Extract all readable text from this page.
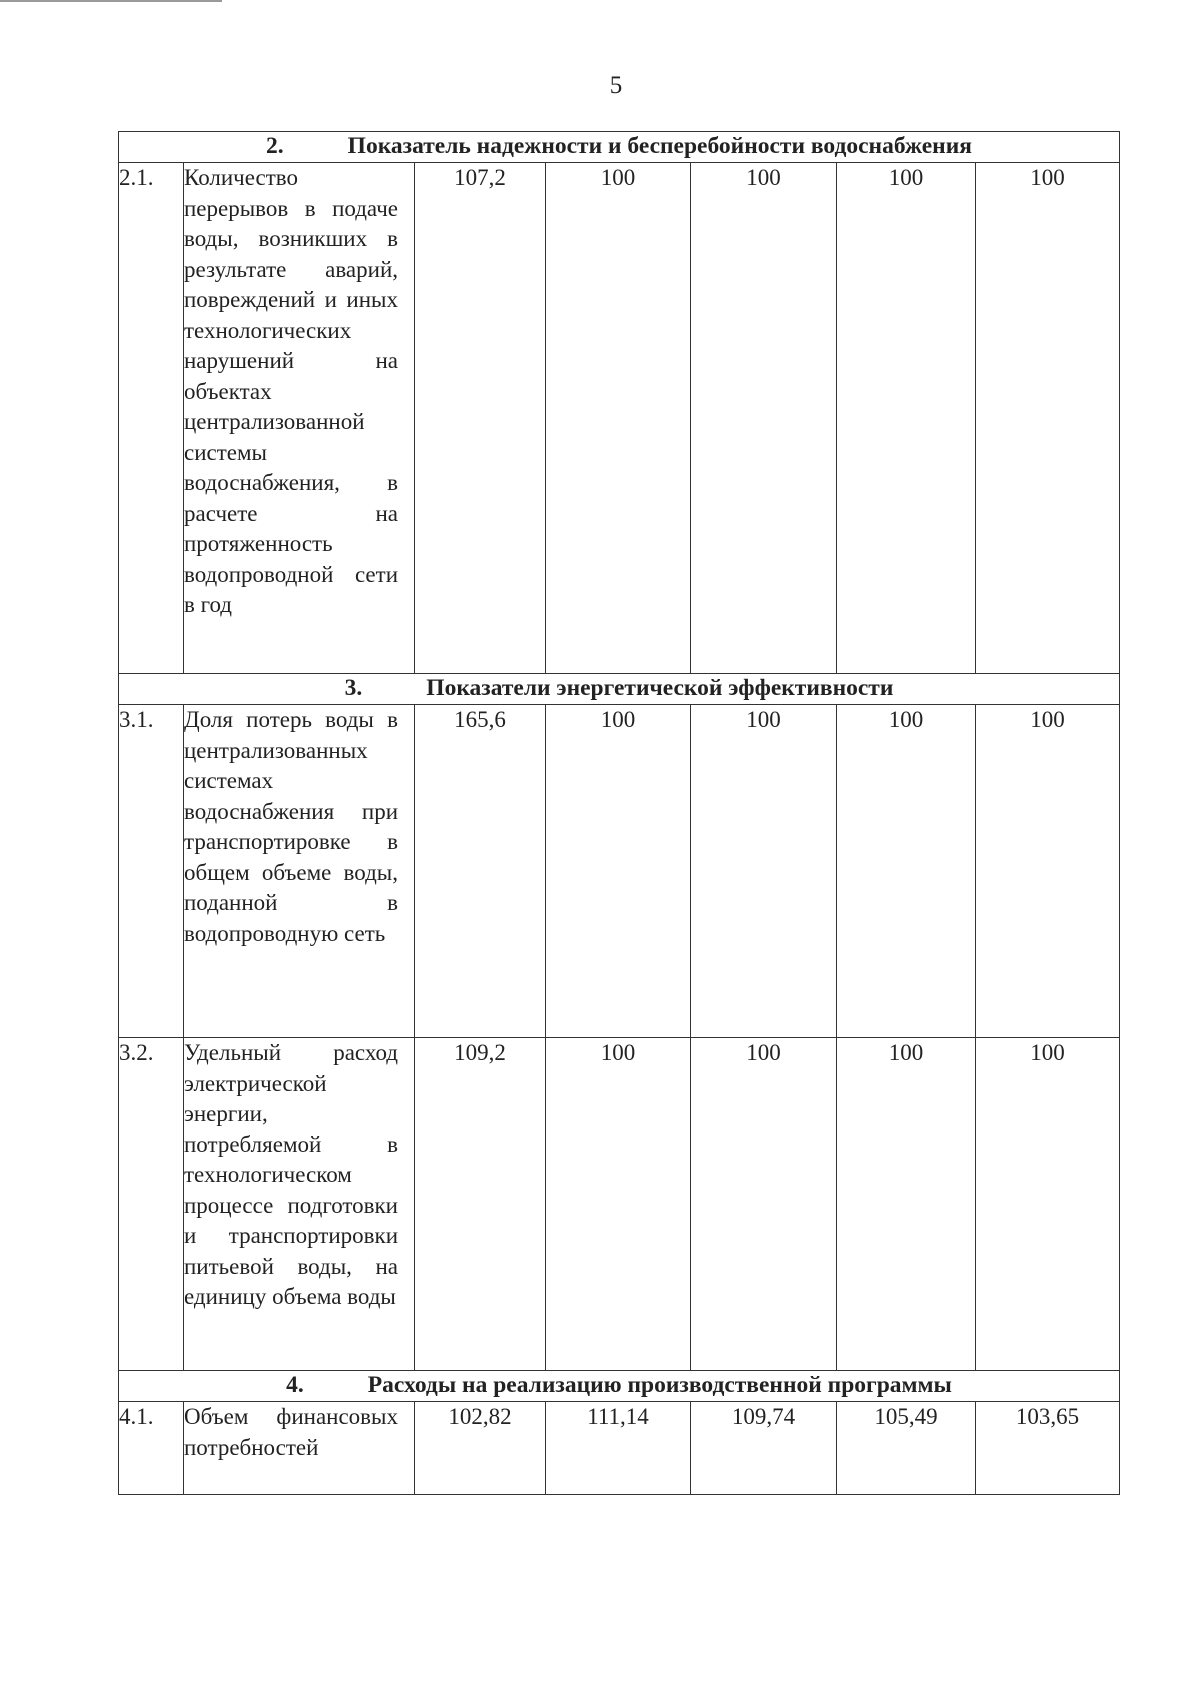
5
2. Показатель надежности и бесперебойности водоснабжения						
2.1.	Количество перерывов в подаче воды, возникших в результате аварий, повреждений и иных технологических нарушений на объектах централизованной системы водоснабжения, в расчете на протяженность водопроводной сети в год	107,2	100	100	100	100
3. Показатели энергетической эффективности						
3.1.	Доля потерь воды в централизованных системах водоснабжения при транспортировке в общем объеме воды, поданной в водопроводную сеть	165,6	100	100	100	100
3.2.	Удельный расход электрической энергии, потребляемой в технологическом процессе подготовки и транспортировки питьевой воды, на единицу объема воды	109,2	100	100	100	100
4. Расходы на реализацию производственной программы						
4.1.	Объем финансовых потребностей	102,82	111,14	109,74	105,49	103,65
